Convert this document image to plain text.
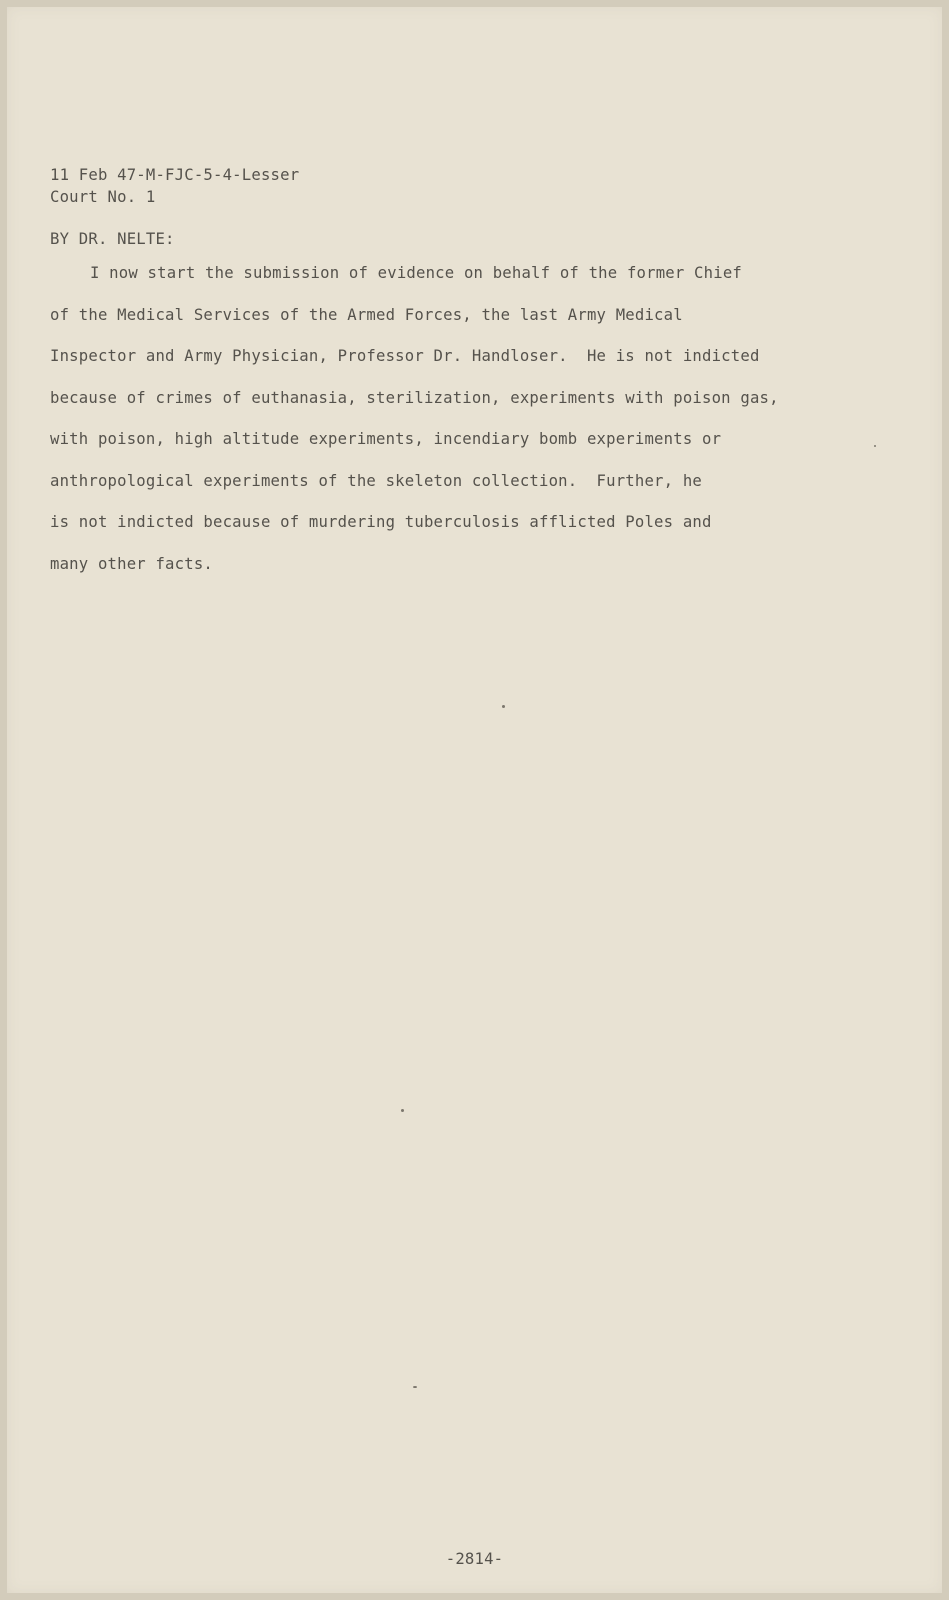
11 Feb 47-M-FJC-5-4-Lesser
Court No. 1
BY DR. NELTE:
I now start the submission of evidence on behalf of the former Chief
of the Medical Services of the Armed Forces, the last Army Medical
Inspector and Army Physician, Professor Dr. Handloser.  He is not indicted
because of crimes of euthanasia, sterilization, experiments with poison gas,
with poison, high altitude experiments, incendiary bomb experiments or
anthropological experiments of the skeleton collection.  Further, he
is not indicted because of murdering tuberculosis afflicted Poles and
many other facts.
-2814-
